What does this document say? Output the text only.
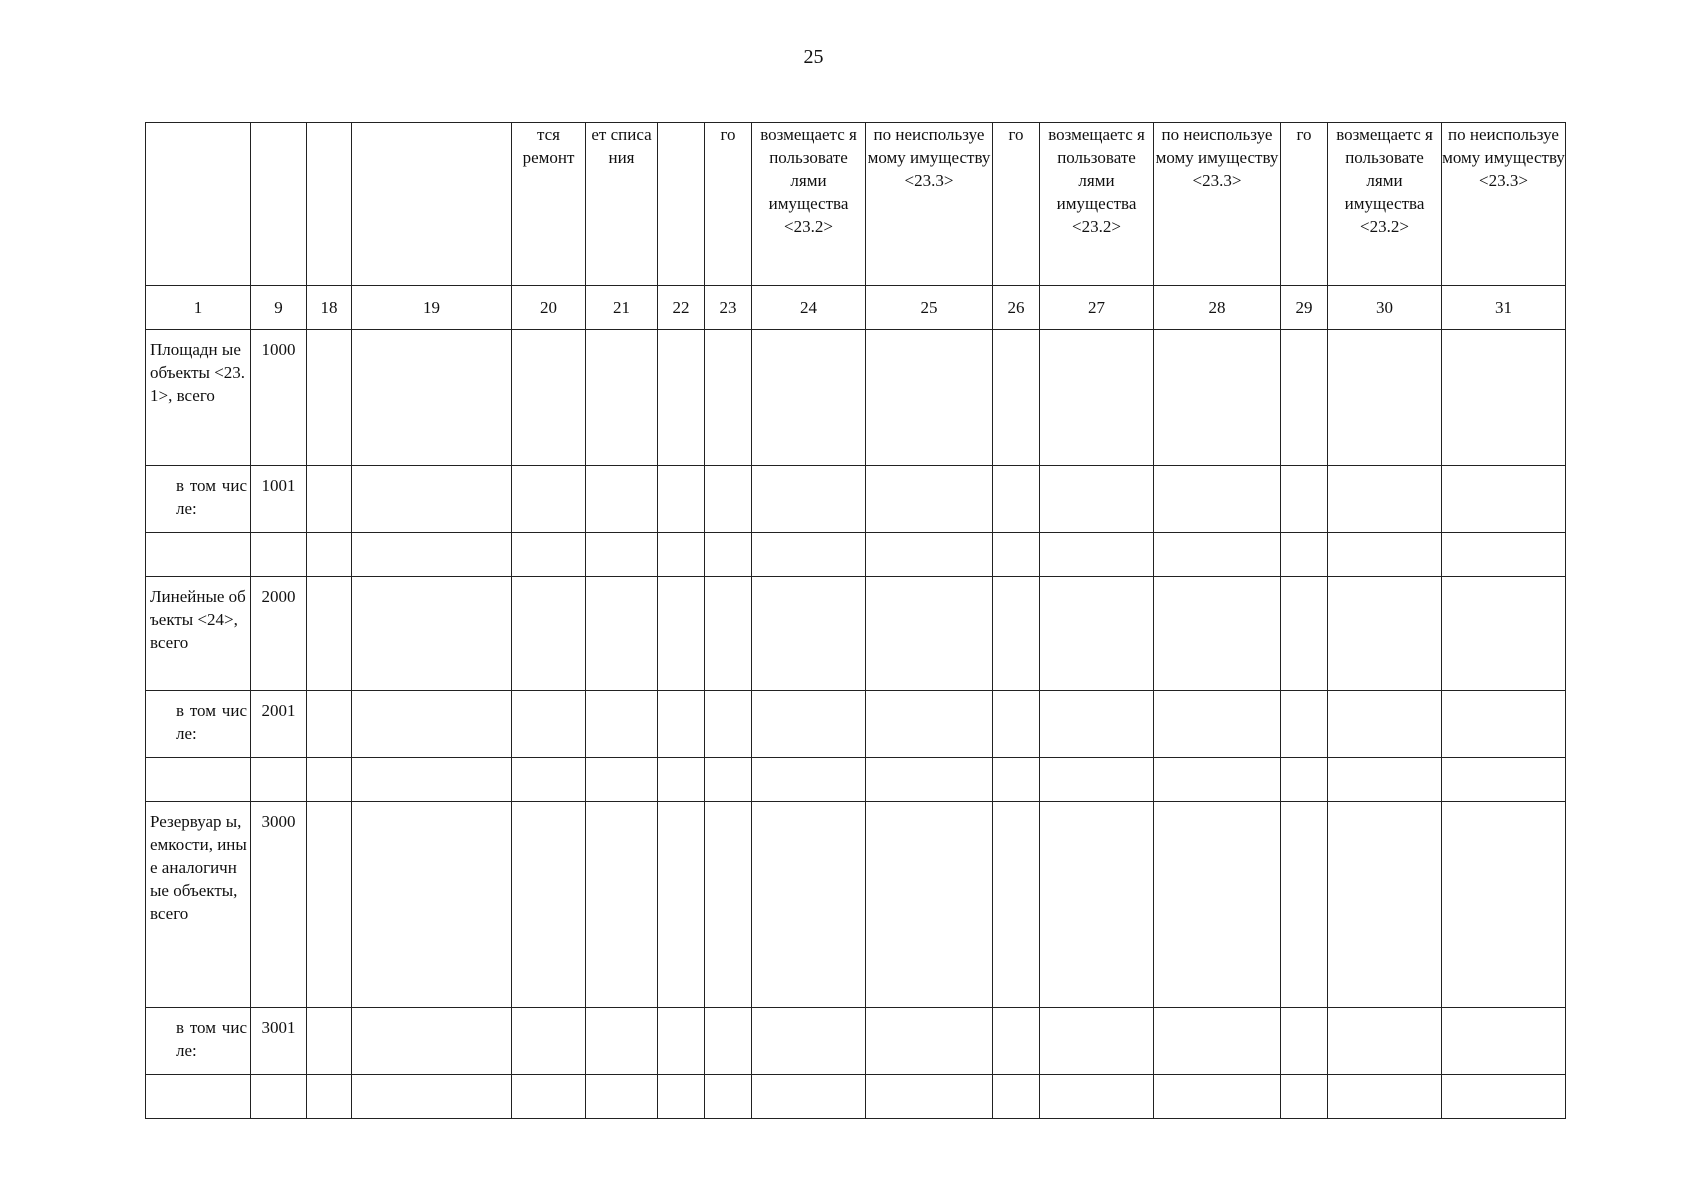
25

				тся ремонт	ет списа ния		го	возмещаетс я пользовате лями имущества <23.2>	по неиспользуе мому имуществу <23.3>	го	возмещаетс я пользовате лями имущества <23.2>	по неиспользуе мому имуществу <23.3>	го	возмещаетс я пользовате лями имущества <23.2>	по неиспользуе мому имуществу <23.3>

1	9	18	19	20	21	22	23	24	25	26	27	28	29	30	31

Площадн ые объекты <23.1>, всего	1000														
в том числе:	1001														

Линейные объекты <24>, всего	2000														
в том числе:	2001														

Резервуар ы, емкости, иные аналогичн ые объекты, всего	3000														
в том числе:	3001														
